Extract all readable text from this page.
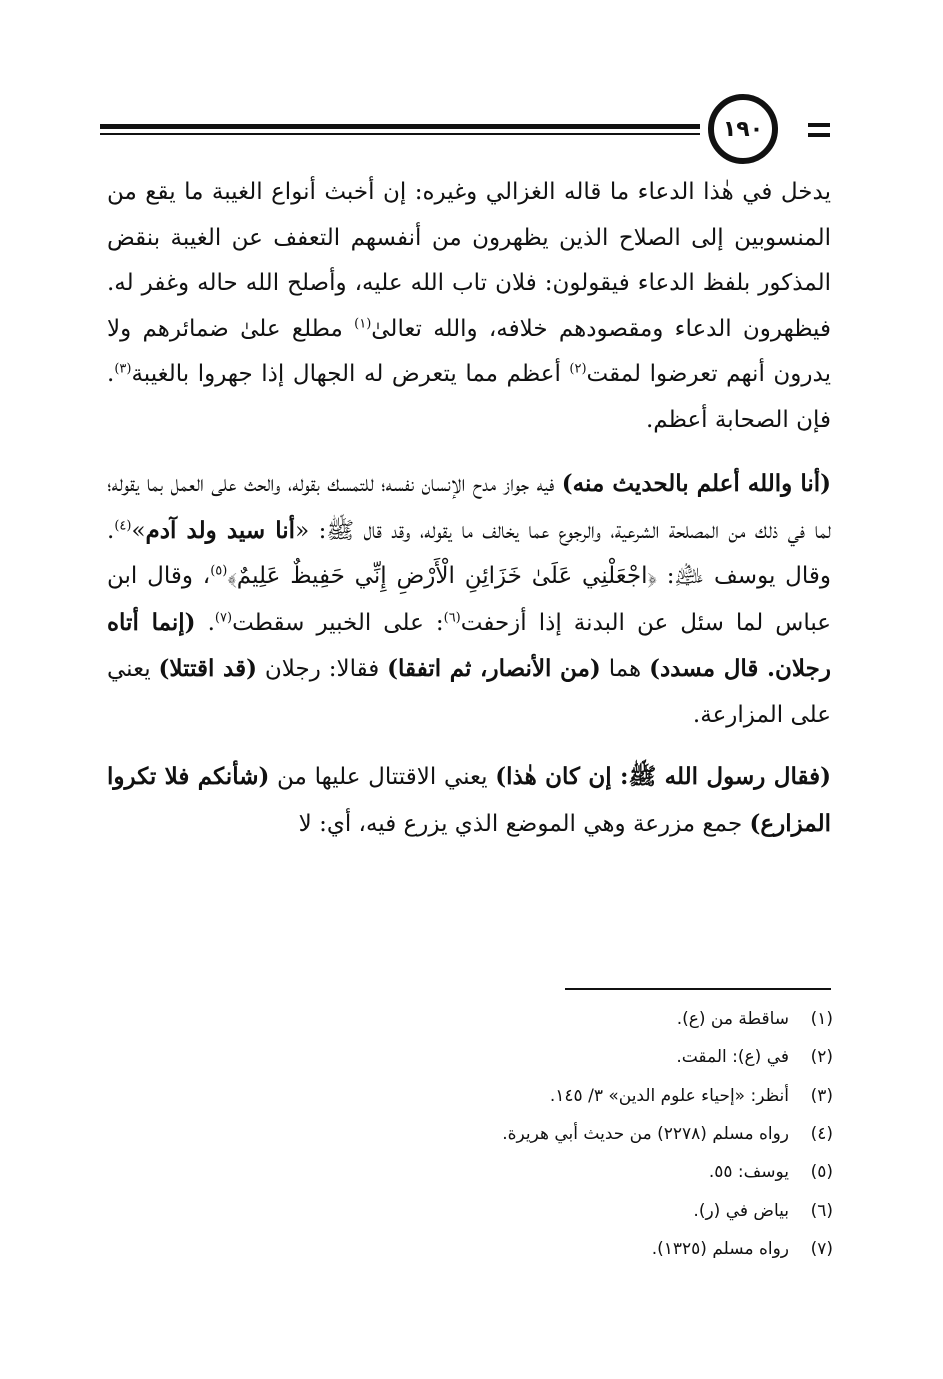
١٩٠

يدخل في هٰذا الدعاء ما قاله الغزالي وغيره: إن أخبث أنواع الغيبة ما يقع من المنسوبين إلى الصلاح الذين يظهرون من أنفسهم التعفف عن الغيبة بنقض المذكور بلفظ الدعاء فيقولون: فلان تاب الله عليه، وأصلح الله حاله وغفر له. فيظهرون الدعاء ومقصودهم خلافه، والله تعالىٰ$^{(١)}$ مطلع علىٰ ضمائرهم ولا يدرون أنهم تعرضوا لمقت$^{(٢)}$ أعظم مما يتعرض له الجهال إذا جهروا بالغيبة$^{(٣)}$. فإن الصحابة أعظم.

(أنا والله أعلم بالحديث منه) فيه جواز مدح الإنسان نفسه؛ للتمسك بقوله، والحث على العمل بما يقوله؛ لما في ذلك من المصلحة الشرعية، والرجوع عما يخالف ما يقوله، وقد قال ﷺ: «أنا سيد ولد آدم»$^{(٤)}$. وقال يوسف ﵇: ﴿اجْعَلْنِي عَلَىٰ خَزَائِنِ الْأَرْضِ إِنِّي حَفِيظٌ عَلِيمٌ﴾$^{(٥)}$، وقال ابن عباس لما سئل عن البدنة إذا أزحفت$^{(٦)}$: على الخبير سقطت$^{(٧)}$. (إنما أتاه رجلان. قال مسدد) هما (من الأنصار، ثم اتفقا) فقالا: رجلان (قد اقتتلا) يعني على المزارعة.

(فقال رسول الله ﷺ: إن كان هٰذا) يعني الاقتتال عليها من (شأنكم فلا تكروا المزارع) جمع مزرعة وهي الموضع الذي يزرع فيه، أي: لا

(١)
ساقطة من (ع).
(٢)
في (ع): المقت.
(٣)
أنظر: «إحياء علوم الدين» ٣/ ١٤٥.
(٤)
رواه مسلم (٢٢٧٨) من حديث أبي هريرة.
(٥)
يوسف: ٥٥.
(٦)
بياض في (ر).
(٧)
رواه مسلم (١٣٢٥).
